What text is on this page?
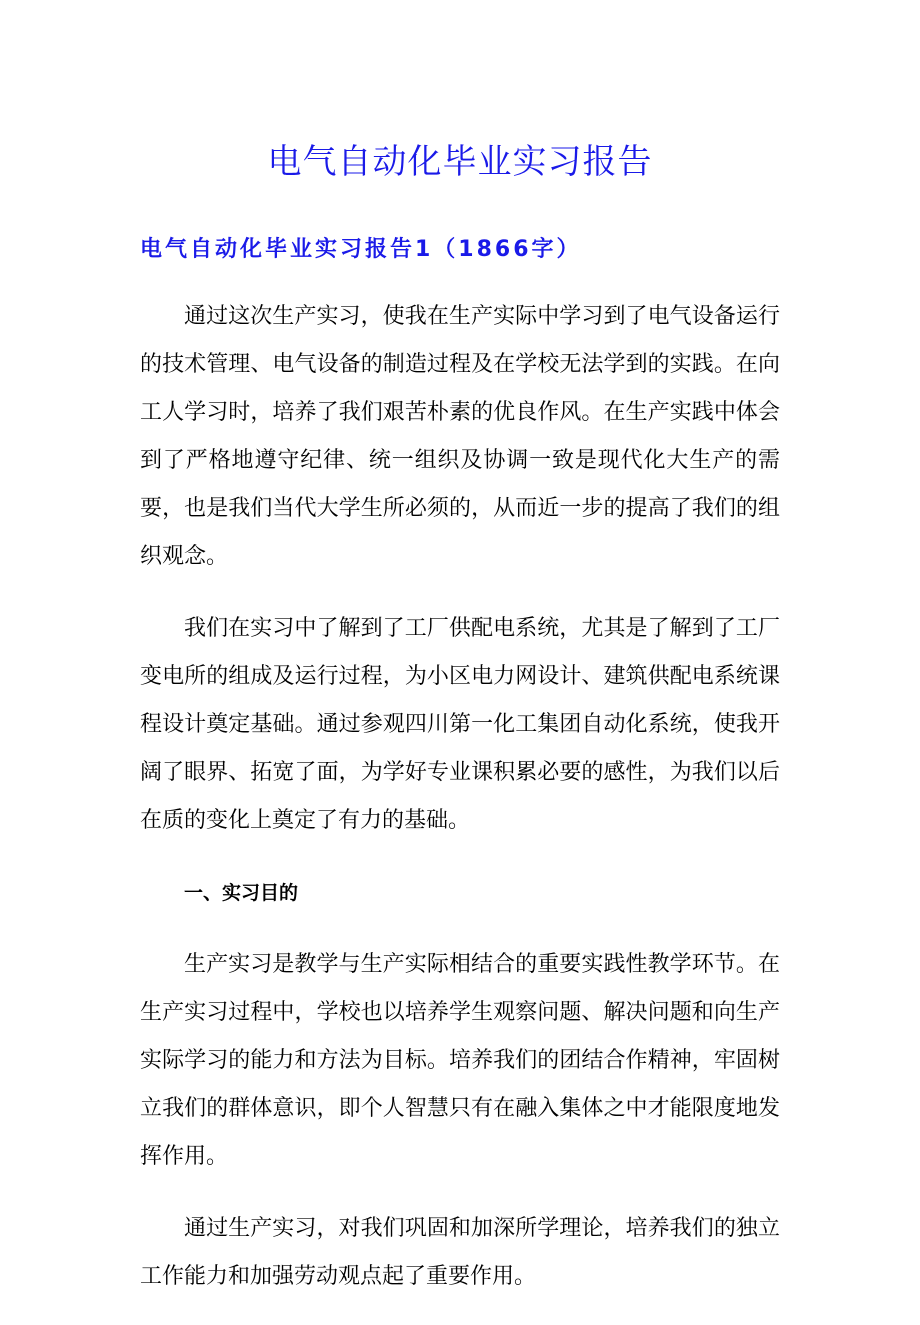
电气自动化毕业实习报告
电气自动化毕业实习报告1（1866字）

通过这次生产实习，使我在生产实际中学习到了电气设备运行的技术管理、电气设备的制造过程及在学校无法学到的实践。在向工人学习时，培养了我们艰苦朴素的优良作风。在生产实践中体会到了严格地遵守纪律、统一组织及协调一致是现代化大生产的需要，也是我们当代大学生所必须的，从而近一步的提高了我们的组织观念。

我们在实习中了解到了工厂供配电系统，尤其是了解到了工厂变电所的组成及运行过程，为小区电力网设计、建筑供配电系统课程设计奠定基础。通过参观四川第一化工集团自动化系统，使我开阔了眼界、拓宽了面，为学好专业课积累必要的感性，为我们以后在质的变化上奠定了有力的基础。

一、实习目的

生产实习是教学与生产实际相结合的重要实践性教学环节。在生产实习过程中，学校也以培养学生观察问题、解决问题和向生产实际学习的能力和方法为目标。培养我们的团结合作精神，牢固树立我们的群体意识，即个人智慧只有在融入集体之中才能限度地发挥作用。

通过生产实习，对我们巩固和加深所学理论，培养我们的独立工作能力和加强劳动观点起了重要作用。
